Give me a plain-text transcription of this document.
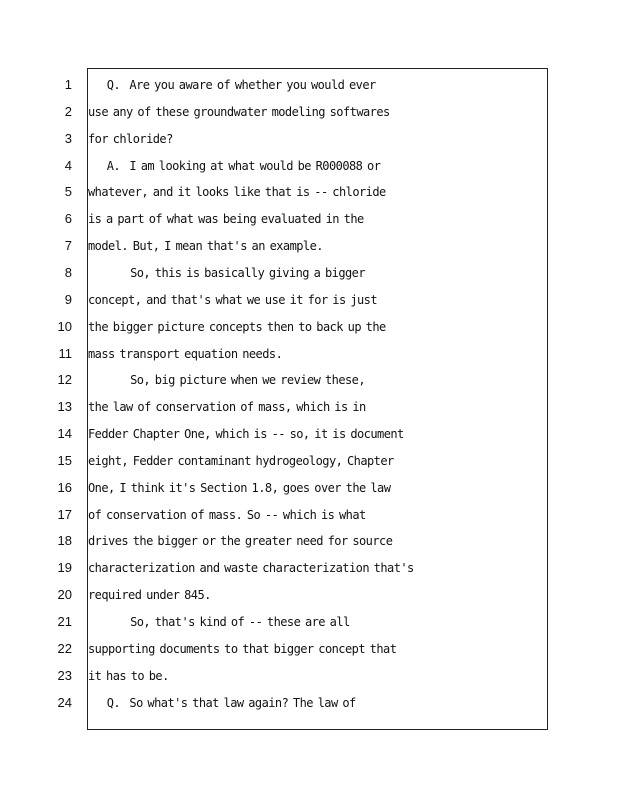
1 Q.  Are you aware of whether you would ever
2 use any of these groundwater modeling softwares
3 for chloride?
4 A.  I am looking at what would be R000088 or
5 whatever, and it looks like that is -- chloride
6 is a part of what was being evaluated in the
7 model. But, I mean that's an example.
8 So, this is basically giving a bigger
9 concept, and that's what we use it for is just
10 the bigger picture concepts then to back up the
11 mass transport equation needs.
12 So, big picture when we review these,
13 the law of conservation of mass, which is in
14 Fedder Chapter One, which is -- so, it is document
15 eight, Fedder contaminant hydrogeology, Chapter
16 One, I think it's Section 1.8, goes over the law
17 of conservation of mass. So -- which is what
18 drives the bigger or the greater need for source
19 characterization and waste characterization that's
20 required under 845.
21 So, that's kind of -- these are all
22 supporting documents to that bigger concept that
23 it has to be.
24 Q.  So what's that law again? The law of
